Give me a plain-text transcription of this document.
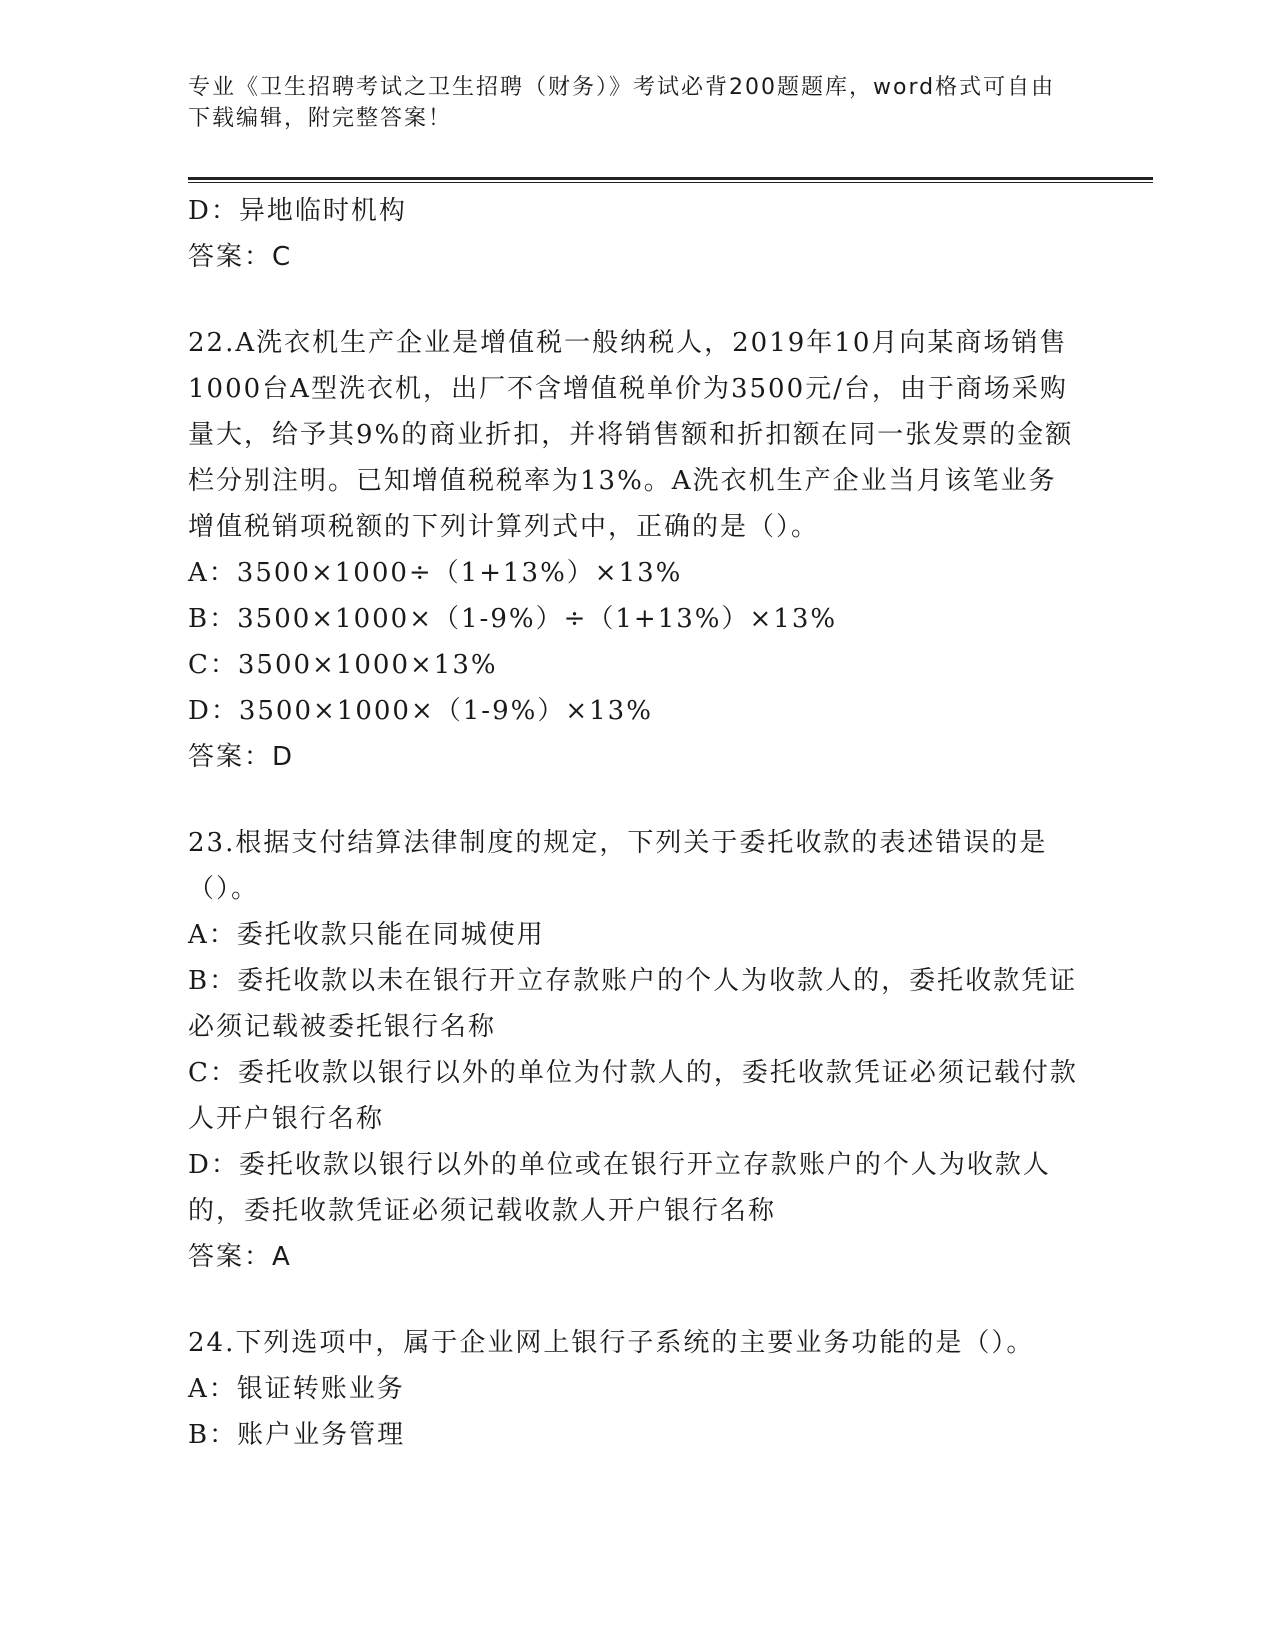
专业《卫生招聘考试之卫生招聘（财务）》考试必背200题题库，word格式可自由下载编辑，附完整答案！

D：异地临时机构

答案：C

22.A洗衣机生产企业是增值税一般纳税人，2019年10月向某商场销售1000台A型洗衣机，出厂不含增值税单价为3500元/台，由于商场采购量大，给予其9%的商业折扣，并将销售额和折扣额在同一张发票的金额栏分别注明。已知增值税税率为13%。A洗衣机生产企业当月该笔业务增值税销项税额的下列计算列式中，正确的是（）。

A：3500×1000÷（1+13%）×13%

B：3500×1000×（1-9%）÷（1+13%）×13%

C：3500×1000×13%

D：3500×1000×（1-9%）×13%

答案：D

23.根据支付结算法律制度的规定，下列关于委托收款的表述错误的是（）。

A：委托收款只能在同城使用

B：委托收款以未在银行开立存款账户的个人为收款人的，委托收款凭证必须记载被委托银行名称

C：委托收款以银行以外的单位为付款人的，委托收款凭证必须记载付款人开户银行名称

D：委托收款以银行以外的单位或在银行开立存款账户的个人为收款人的，委托收款凭证必须记载收款人开户银行名称

答案：A

24.下列选项中，属于企业网上银行子系统的主要业务功能的是（）。

A：银证转账业务

B：账户业务管理
